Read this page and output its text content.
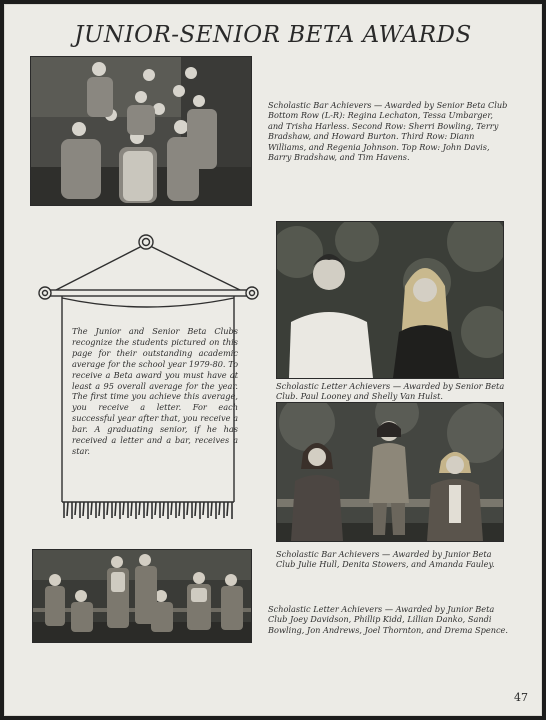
JUNIOR-SENIOR BETA AWARDS
Scholastic Bar Achievers — Awarded by Senior Beta Club Bottom Row (L-R): Regina Lechaton, Tessa Umbarger, and Trisha Harless. Second Row: Sherri Bowling, Terry Bradshaw, and Howard Burton. Third Row: Diann Williams, and Regenia Johnson. Top Row: John Davis, Barry Bradshaw, and Tim Havens.
The Junior and Senior Beta Clubs recognize the students pictured on this page for their outstanding academic average for the school year 1979-80. To receive a Beta award you must have at least a 95 overall average for the year. The first time you achieve this average, you receive a letter. For each successful year after that, you receive a bar. A graduating senior, if he has received a letter and a bar, receives a star.
Scholastic Letter Achievers — Awarded by Senior Beta Club. Paul Looney and Shelly Van Hulst.
Scholastic Bar Achievers — Awarded by Junior Beta Club Julie Hull, Denita Stowers, and Amanda Fauley.
Scholastic Letter Achievers — Awarded by Junior Beta Club Joey Davidson, Phillip Kidd, Lillian Danko, Sandi Bowling, Jon Andrews, Joel Thornton, and Drema Spence.
47
